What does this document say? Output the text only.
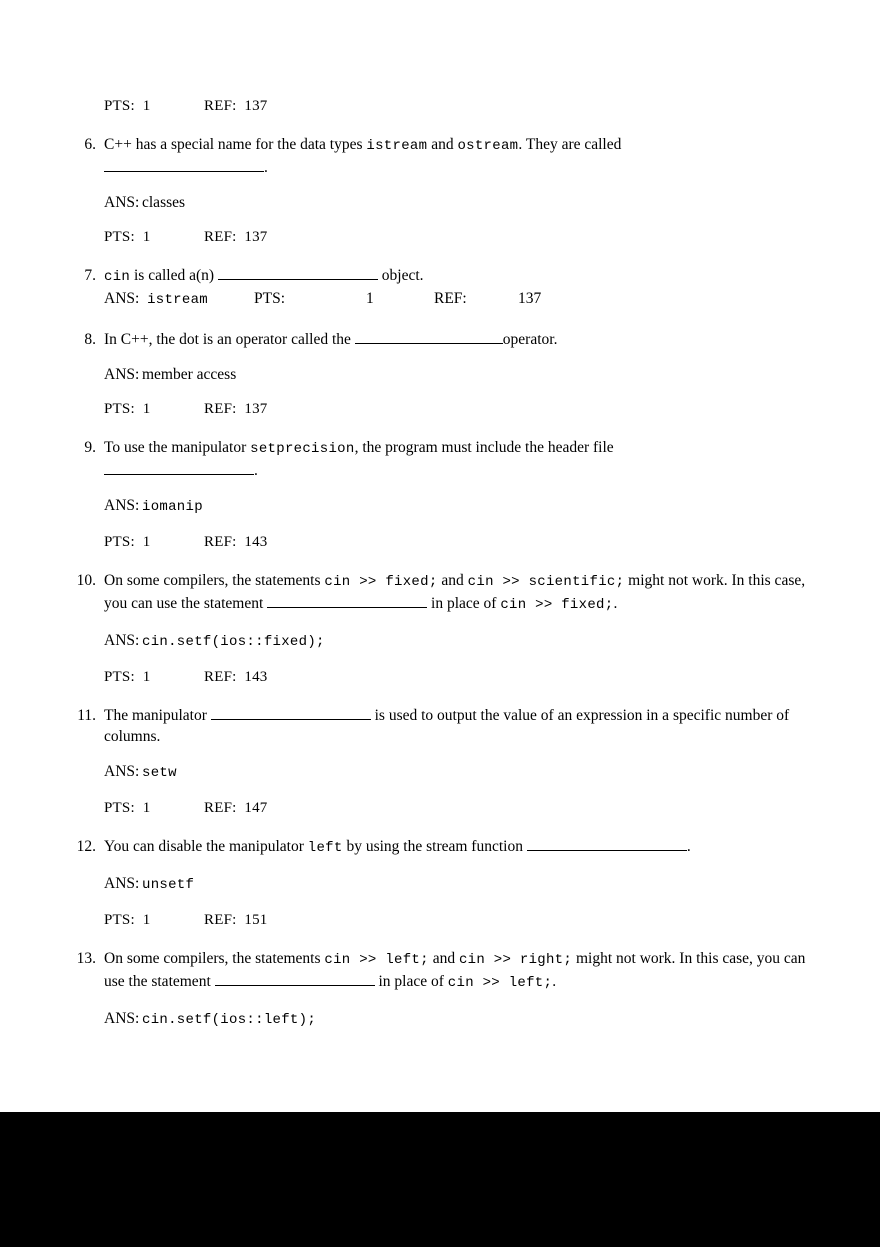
PTS: 1	REF: 137
6. C++ has a special name for the data types istream and ostream. They are called
.
ANS: classes
PTS: 1	REF: 137
7. cin is called a(n)	object.
ANS: istream	PTS:	1	REF:	137
8. In C++, the dot is an operator called the	operator.
ANS: member access
PTS: 1	REF: 137
9. To use the manipulator setprecision, the program must include the header file
.
ANS: iomanip
PTS: 1	REF: 143
10. On some compilers, the statements cin >> fixed; and cin >> scientific; might not work. In this case, you can use the statement	in place of cin >> fixed;.
ANS: cin.setf(ios::fixed);
PTS: 1	REF: 143
11. The manipulator	is used to output the value of an expression in a specific number of columns.
ANS: setw
PTS: 1	REF: 147
12. You can disable the manipulator left by using the stream function	.
ANS: unsetf
PTS: 1	REF: 151
13. On some compilers, the statements cin >> left; and cin >> right; might not work. In this case, you can use the statement	in place of cin >> left;.
ANS: cin.setf(ios::left);
